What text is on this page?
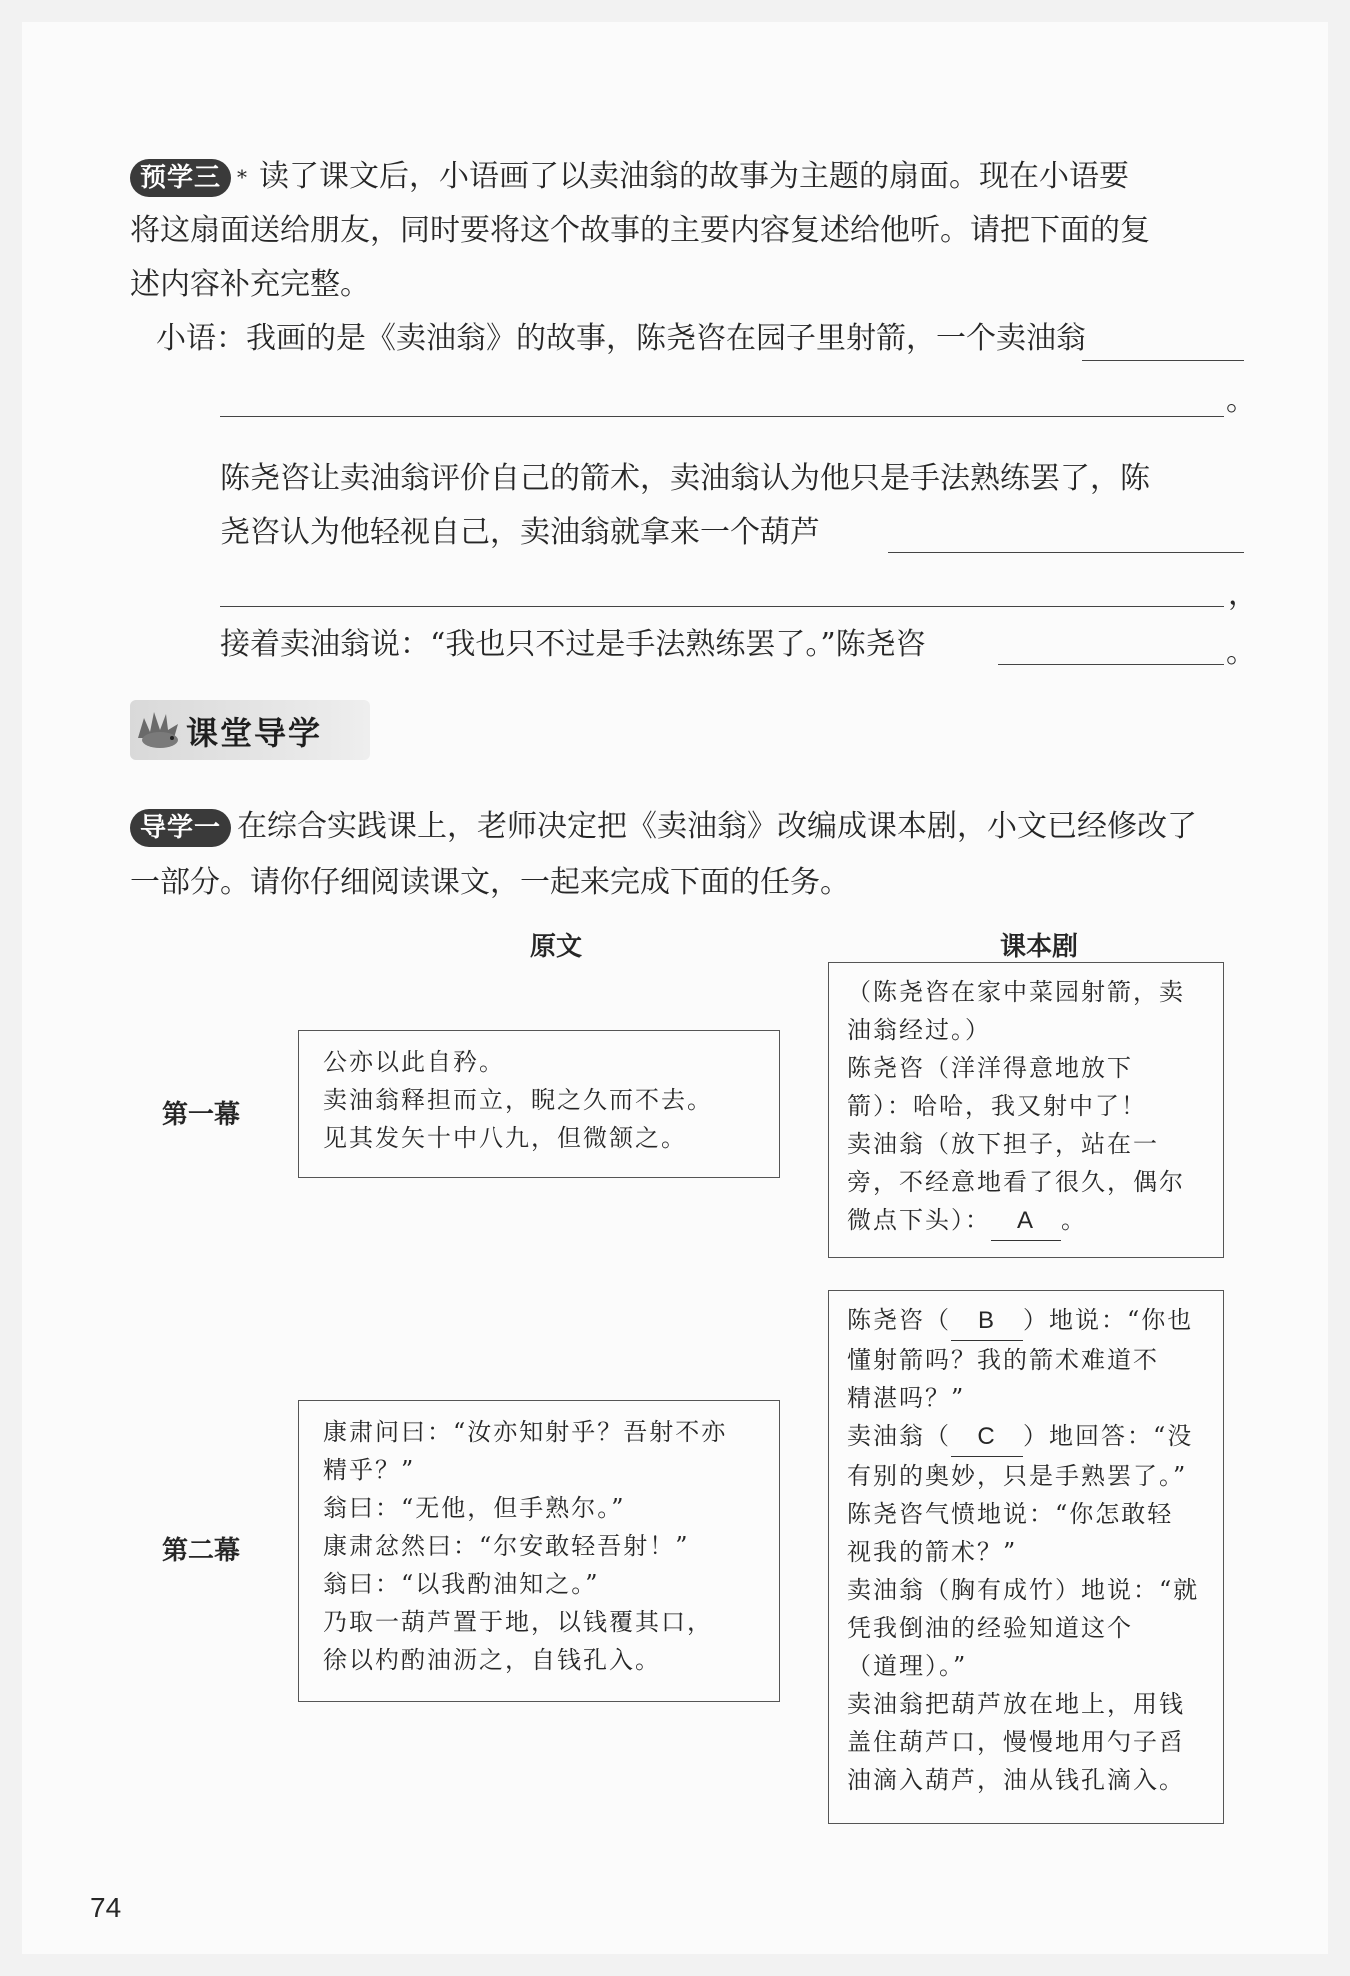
预学三 * 读了课文后，小语画了以卖油翁的故事为主题的扇面。现在小语要
将这扇面送给朋友，同时要将这个故事的主要内容复述给他听。请把下面的复
述内容补充完整。
小语：我画的是《卖油翁》的故事，陈尧咨在园子里射箭，一个卖油翁
。
陈尧咨让卖油翁评价自己的箭术，卖油翁认为他只是手法熟练罢了，陈
尧咨认为他轻视自己，卖油翁就拿来一个葫芦
，
接着卖油翁说：“我也只不过是手法熟练罢了。”陈尧咨	。
课堂导学
导学一 在综合实践课上，老师决定把《卖油翁》改编成课本剧，小文已经修改了
一部分。请你仔细阅读课文，一起来完成下面的任务。
原文	课本剧
第一幕
公亦以此自矜。
卖油翁释担而立，睨之久而不去。
见其发矢十中八九，但微颔之。
（陈尧咨在家中菜园射箭，卖
油翁经过。）
陈尧咨（洋洋得意地放下
箭）：哈哈，我又射中了！
卖油翁（放下担子，站在一
旁，不经意地看了很久，偶尔
微点下头）： A 。
第二幕
康肃问曰：“汝亦知射乎？吾射不亦
精乎？”
翁曰：“无他，但手熟尔。”
康肃忿然曰：“尔安敢轻吾射！”
翁曰：“以我酌油知之。”
乃取一葫芦置于地，以钱覆其口，
徐以杓酌油沥之，自钱孔入。
陈尧咨（ B ）地说：“你也
懂射箭吗？我的箭术难道不
精湛吗？”
卖油翁（ C ）地回答：“没
有别的奥妙，只是手熟罢了。”
陈尧咨气愤地说：“你怎敢轻
视我的箭术？”
卖油翁（胸有成竹）地说：“就
凭我倒油的经验知道这个
（道理）。”
卖油翁把葫芦放在地上，用钱
盖住葫芦口，慢慢地用勺子舀
油滴入葫芦，油从钱孔滴入。
74
